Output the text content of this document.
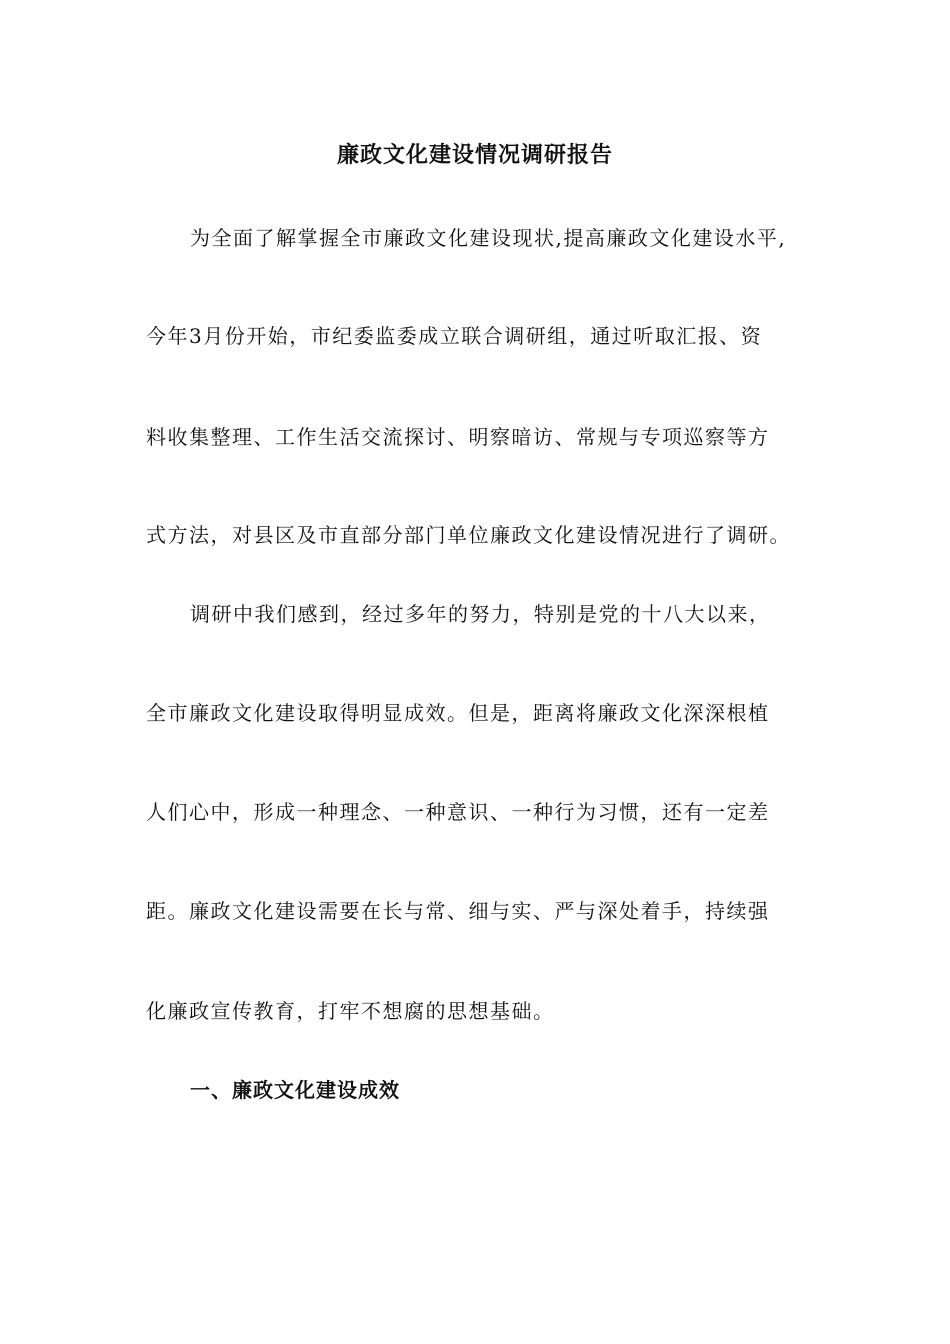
廉政文化建设情况调研报告
为全面了解掌握全市廉政文化建设现状,提高廉政文化建设水平,
今年3月份开始，市纪委监委成立联合调研组，通过听取汇报、资
料收集整理、工作生活交流探讨、明察暗访、常规与专项巡察等方
式方法，对县区及市直部分部门单位廉政文化建设情况进行了调研。
调研中我们感到，经过多年的努力，特别是党的十八大以来，
全市廉政文化建设取得明显成效。但是，距离将廉政文化深深根植
人们心中，形成一种理念、一种意识、一种行为习惯，还有一定差
距。廉政文化建设需要在长与常、细与实、严与深处着手，持续强
化廉政宣传教育，打牢不想腐的思想基础。
一、廉政文化建设成效
